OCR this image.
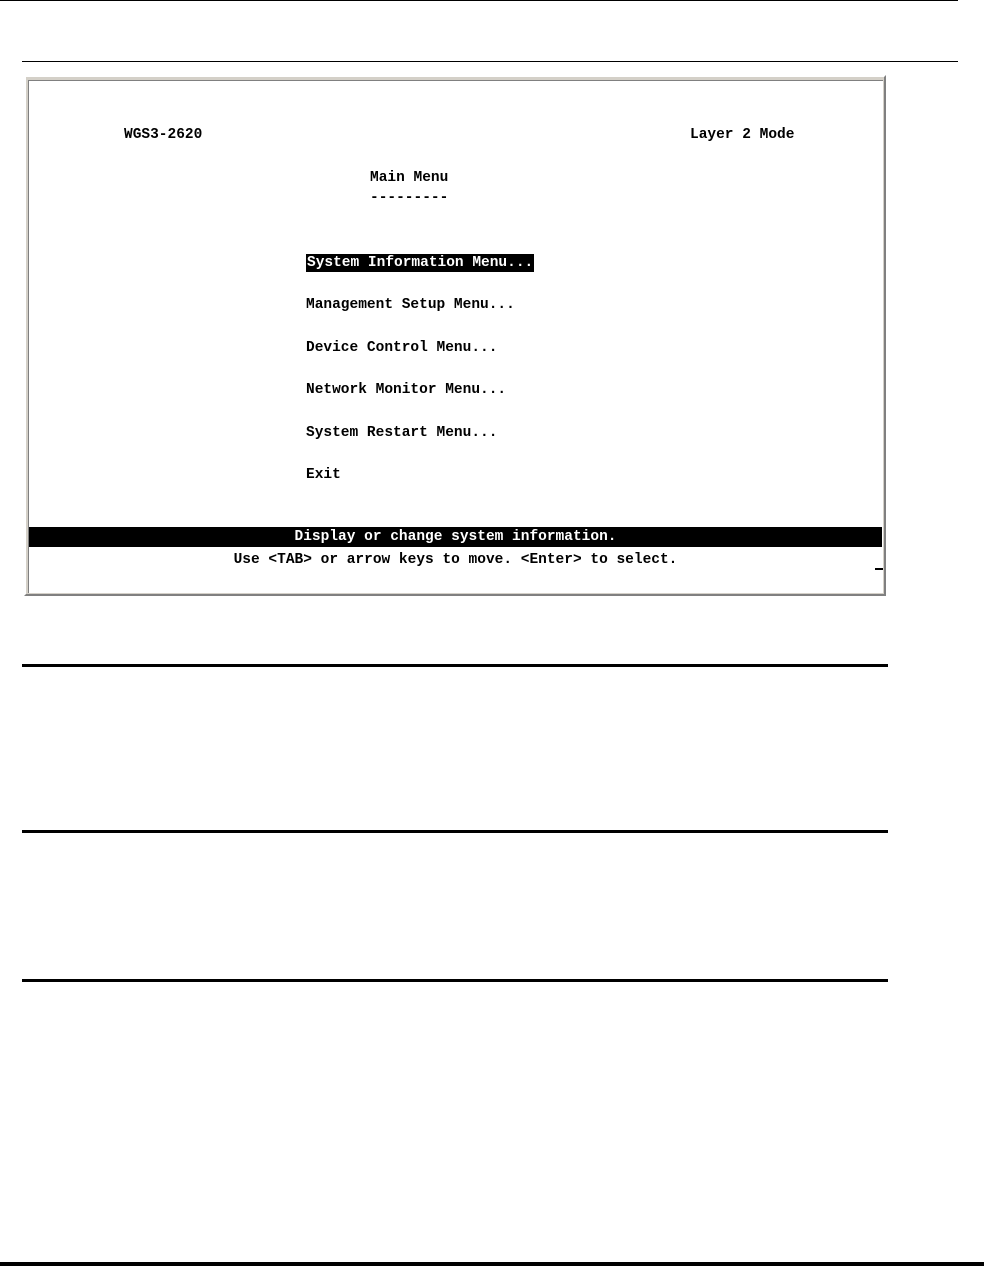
WGS3-2620	Layer 2 Mode
Main Menu
---------
System Information Menu...
Management Setup Menu...
Device Control Menu...
Network Monitor Menu...
System Restart Menu...
Exit
Display or change system information.
Use <TAB> or arrow keys to move. <Enter> to select.
